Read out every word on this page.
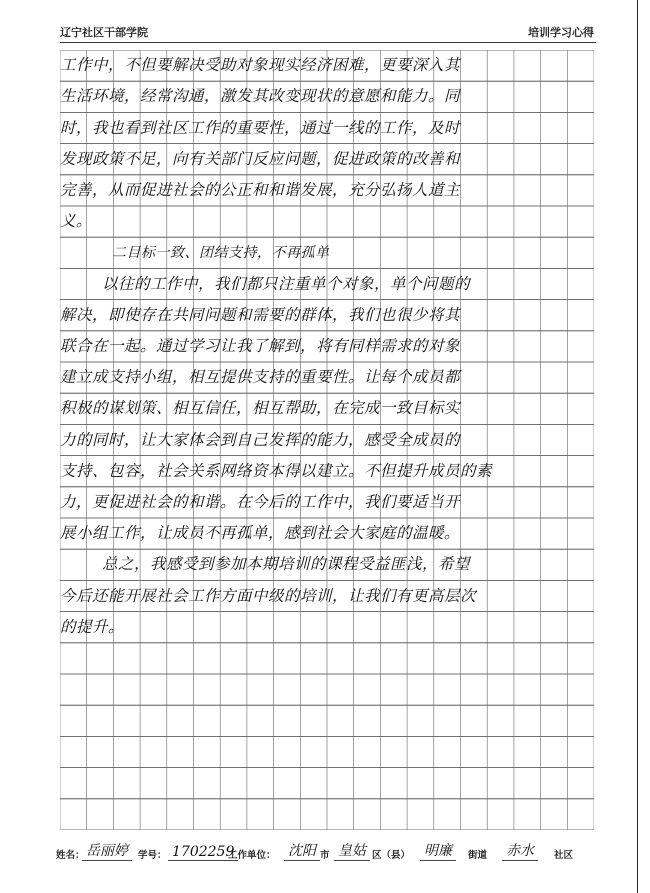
辽宁社区干部学院	培训学习心得
工作中，不但要解决受助对象现实经济困难，更要深入其
生活环境，经常沟通，激发其改变现状的意愿和能力。同
时，我也看到社区工作的重要性，通过一线的工作，及时
发现政策不足，向有关部门反应问题，促进政策的改善和
完善，从而促进社会的公正和和谐发展，充分弘扬人道主
义。
二目标一致、团结支持，不再孤单
以往的工作中，我们都只注重单个对象，单个问题的
解决，即使存在共同问题和需要的群体，我们也很少将其
联合在一起。通过学习让我了解到，将有同样需求的对象
建立成支持小组，相互提供支持的重要性。让每个成员都
积极的谋划策、相互信任，相互帮助，在完成一致目标实
力的同时，让大家体会到自己发挥的能力，感受全成员的
支持、包容，社会关系网络资本得以建立。不但提升成员的素
力，更促进社会的和谐。在今后的工作中，我们要适当开
展小组工作，让成员不再孤单，感到社会大家庭的温暖。
总之，我感受到参加本期培训的课程受益匪浅，希望
今后还能开展社会工作方面中级的培训，让我们有更高层次
的提升。
姓名： 岳丽婷	学号： 1702259
工作单位： 沈阳 市 皇姑 区（县） 明廉	街道 赤水	社区
